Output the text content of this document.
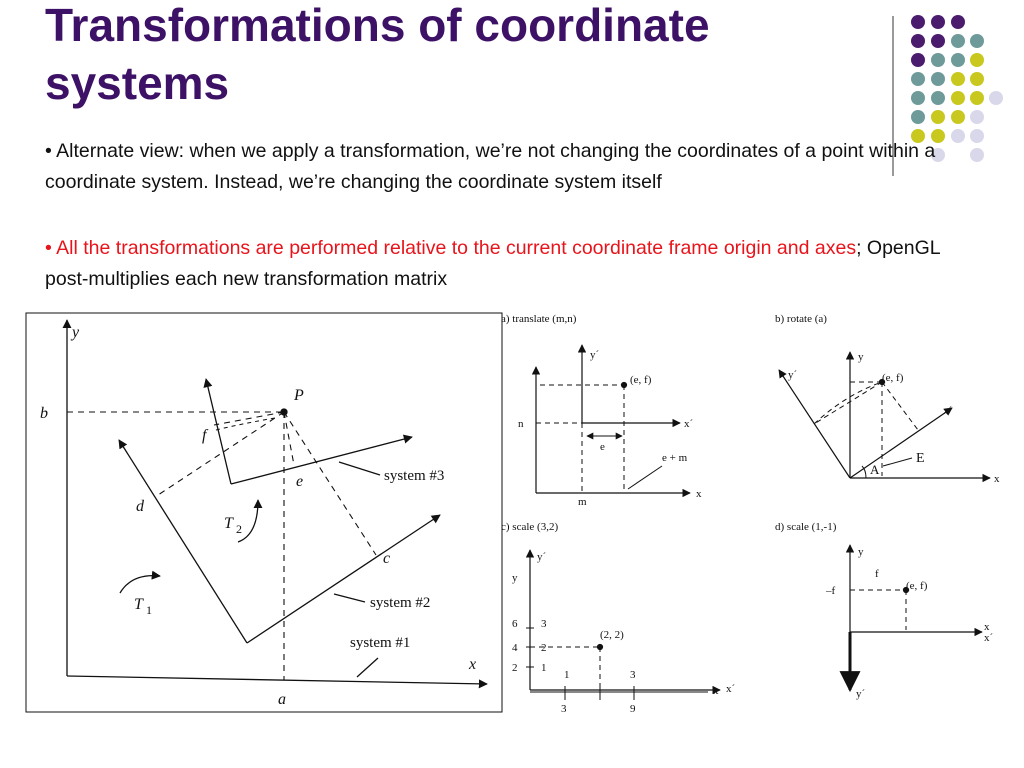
Transformations of coordinate systems
• Alternate view: when we apply a transformation, we’re not changing the coordinates of a point within a coordinate system. Instead, we’re changing the coordinate system itself
• All the transformations are performed relative to the current coordinate frame origin and axes; OpenGL post-multiplies each new transformation matrix
y
b
P
f
e
d
c
T 2
T 1
x
a
system #3
system #2
system #1
a) translate (m,n)
y´
(e, f)
n	x´
e
e + m
m
x
b) rotate (a)
y´
y
(e, f)
x´
E
A
x
c) scale (3,2)
y´
y
6 3
4 2
2 1
(2, 2)
1	3
3	9
x x´
d) scale (1,-1)
y
f
–f	(e, f)
x
x´
y´
